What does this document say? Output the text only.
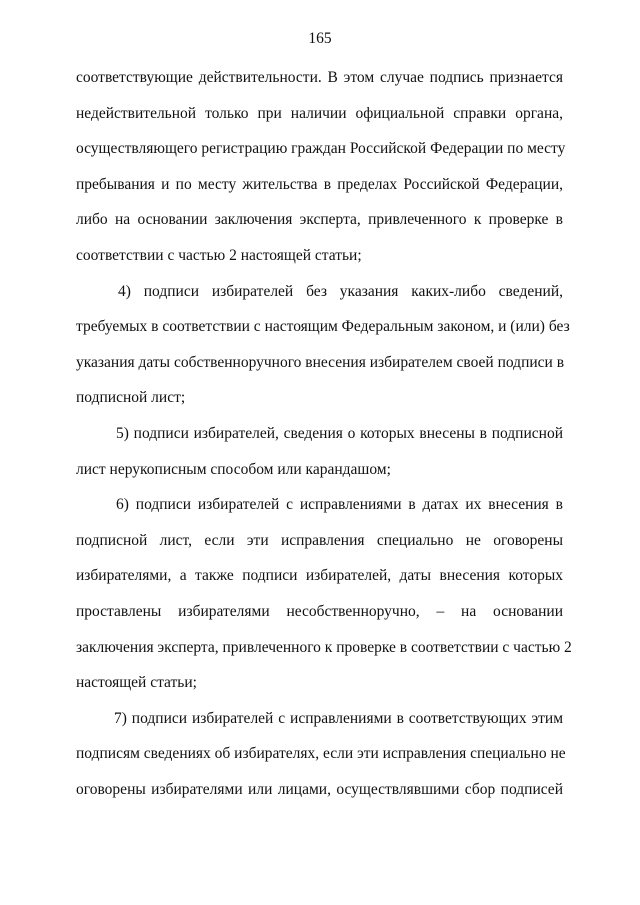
165
соответствующие действительности. В этом случае подпись признается
недействительной только при наличии официальной справки органа,
осуществляющего регистрацию граждан Российской Федерации по месту
пребывания и по месту жительства в пределах Российской Федерации,
либо на основании заключения эксперта, привлеченного к проверке в
соответствии с частью 2 настоящей статьи;
4) подписи избирателей без указания каких-либо сведений,
требуемых в соответствии с настоящим Федеральным законом, и (или) без
указания даты собственноручного внесения избирателем своей подписи в
подписной лист;
5) подписи избирателей, сведения о которых внесены в подписной
лист нерукописным способом или карандашом;
6) подписи избирателей с исправлениями в датах их внесения в
подписной лист, если эти исправления специально не оговорены
избирателями, а также подписи избирателей, даты внесения которых
проставлены избирателями несобственноручно, – на основании
заключения эксперта, привлеченного к проверке в соответствии с частью 2
настоящей статьи;
7) подписи избирателей с исправлениями в соответствующих этим
подписям сведениях об избирателях, если эти исправления специально не
оговорены избирателями или лицами, осуществлявшими сбор подписей
